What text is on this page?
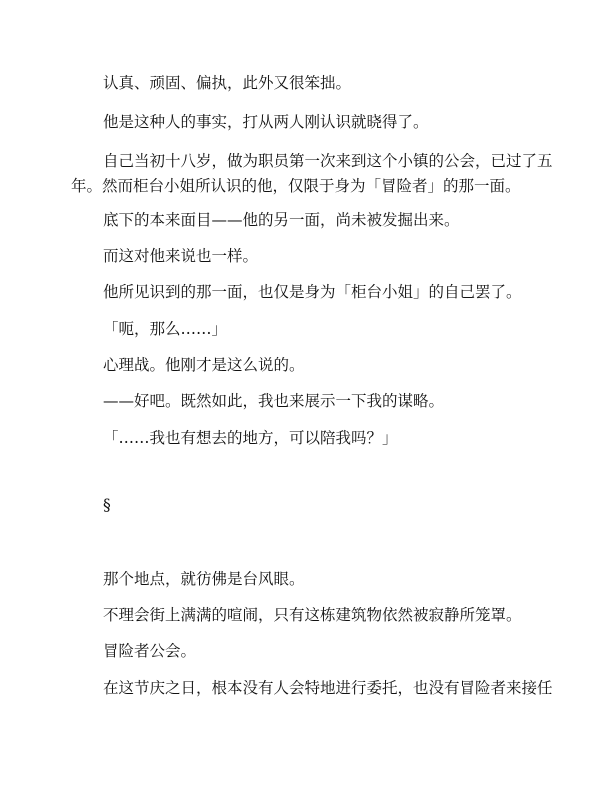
认真、顽固、偏执，此外又很笨拙。
他是这种人的事实，打从两人刚认识就晓得了。
自己当初十八岁，做为职员第一次来到这个小镇的公会，已过了五
年。然而柜台小姐所认识的他，仅限于身为「冒险者」的那一面。
底下的本来面目——他的另一面，尚未被发掘出来。
而这对他来说也一样。
他所见识到的那一面，也仅是身为「柜台小姐」的自己罢了。
「呃，那么……」
心理战。他刚才是这么说的。
——好吧。既然如此，我也来展示一下我的谋略。
「……我也有想去的地方，可以陪我吗？」
§
那个地点，就彷佛是台风眼。
不理会街上满满的喧闹，只有这栋建筑物依然被寂静所笼罩。
冒险者公会。
在这节庆之日，根本没有人会特地进行委托，也没有冒险者来接任
